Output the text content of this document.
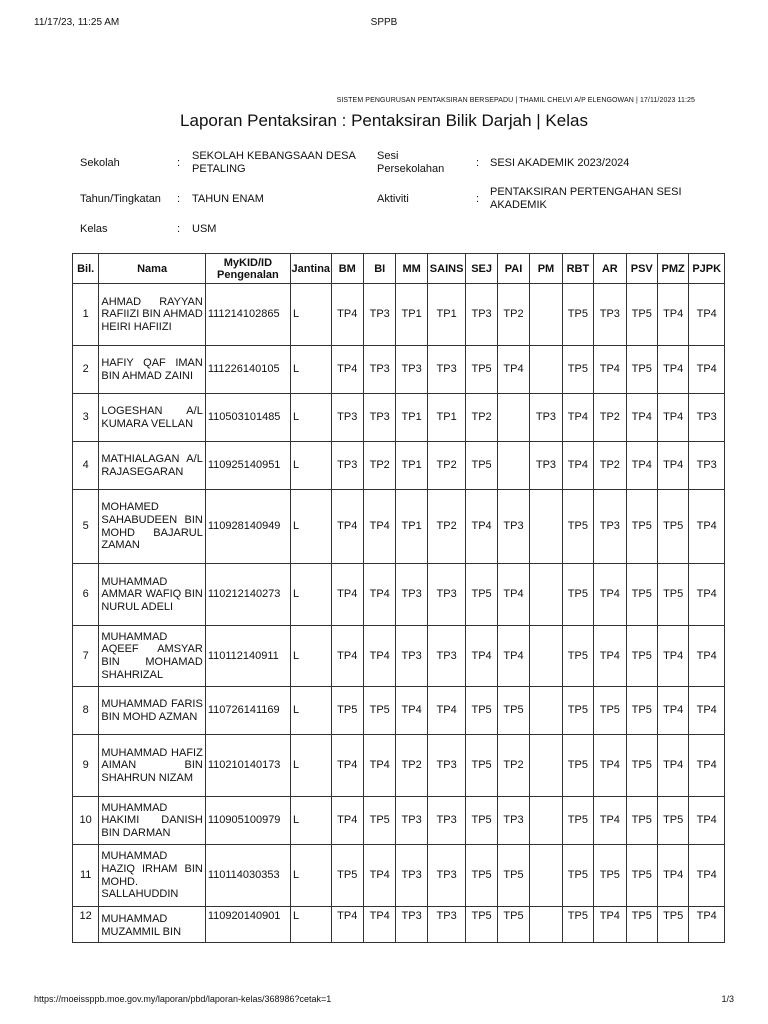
11/17/23, 11:25 AM	SPPB
SISTEM PENGURUSAN PENTAKSIRAN BERSEPADU | THAMIL CHELVI A/P ELENGOWAN | 17/11/2023 11:25
Laporan Pentaksiran : Pentaksiran Bilik Darjah | Kelas
Sekolah	:
SEKOLAH KEBANGSAAN DESA PETALING
Sesi Persekolahan	: SESI AKADEMIK 2023/2024
Tahun/Tingkatan : TAHUN ENAM	Aktiviti	:
PENTAKSIRAN PERTENGAHAN SESI AKADEMIK
Kelas	: USM
Bil.	Nama	MyKID/ID Pengenalan	Jantina	BM	BI	MM	SAINS	SEJ	PAI	PM	RBT	AR	PSV	PMZ	PJPK
1	AHMAD RAYYAN RAFIIZI BIN AHMAD HEIRI HAFIIZI	111214102865	L	TP4	TP3	TP1	TP1	TP3	TP2		TP5	TP3	TP5	TP4	TP4
2	HAFIY QAF IMAN BIN AHMAD ZAINI	111226140105	L	TP4	TP3	TP3	TP3	TP5	TP4		TP5	TP4	TP5	TP4	TP4
3	LOGESHAN A/L KUMARA VELLAN	110503101485	L	TP3	TP3	TP1	TP1	TP2		TP3	TP4	TP2	TP4	TP4	TP3
4	MATHIALAGAN A/L RAJASEGARAN	110925140951	L	TP3	TP2	TP1	TP2	TP5		TP3	TP4	TP2	TP4	TP4	TP3
5	MOHAMED SAHABUDEEN BIN MOHD BAJARUL ZAMAN	110928140949	L	TP4	TP4	TP1	TP2	TP4	TP3		TP5	TP3	TP5	TP5	TP4
6	MUHAMMAD AMMAR WAFIQ BIN NURUL ADELI	110212140273	L	TP4	TP4	TP3	TP3	TP5	TP4		TP5	TP4	TP5	TP5	TP4
7	MUHAMMAD AQEEF AMSYAR BIN MOHAMAD SHAHRIZAL	110112140911	L	TP4	TP4	TP3	TP3	TP4	TP4		TP5	TP4	TP5	TP4	TP4
8	MUHAMMAD FARIS BIN MOHD AZMAN	110726141169	L	TP5	TP5	TP4	TP4	TP5	TP5		TP5	TP5	TP5	TP4	TP4
9	MUHAMMAD HAFIZ AIMAN BIN SHAHRUN NIZAM	110210140173	L	TP4	TP4	TP2	TP3	TP5	TP2		TP5	TP4	TP5	TP4	TP4
10	MUHAMMAD HAKIMI DANISH BIN DARMAN	110905100979	L	TP4	TP5	TP3	TP3	TP5	TP3		TP5	TP4	TP5	TP5	TP4
11	MUHAMMAD HAZIQ IRHAM BIN MOHD. SALLAHUDDIN	110114030353	L	TP5	TP4	TP3	TP3	TP5	TP5		TP5	TP5	TP5	TP4	TP4
12	MUHAMMAD MUZAMMIL BIN	110920140901	L	TP4	TP4	TP3	TP3	TP5	TP5		TP5	TP4	TP5	TP5	TP4
https://moeissppb.moe.gov.my/laporan/pbd/laporan-kelas/368986?cetak=1	1/3
